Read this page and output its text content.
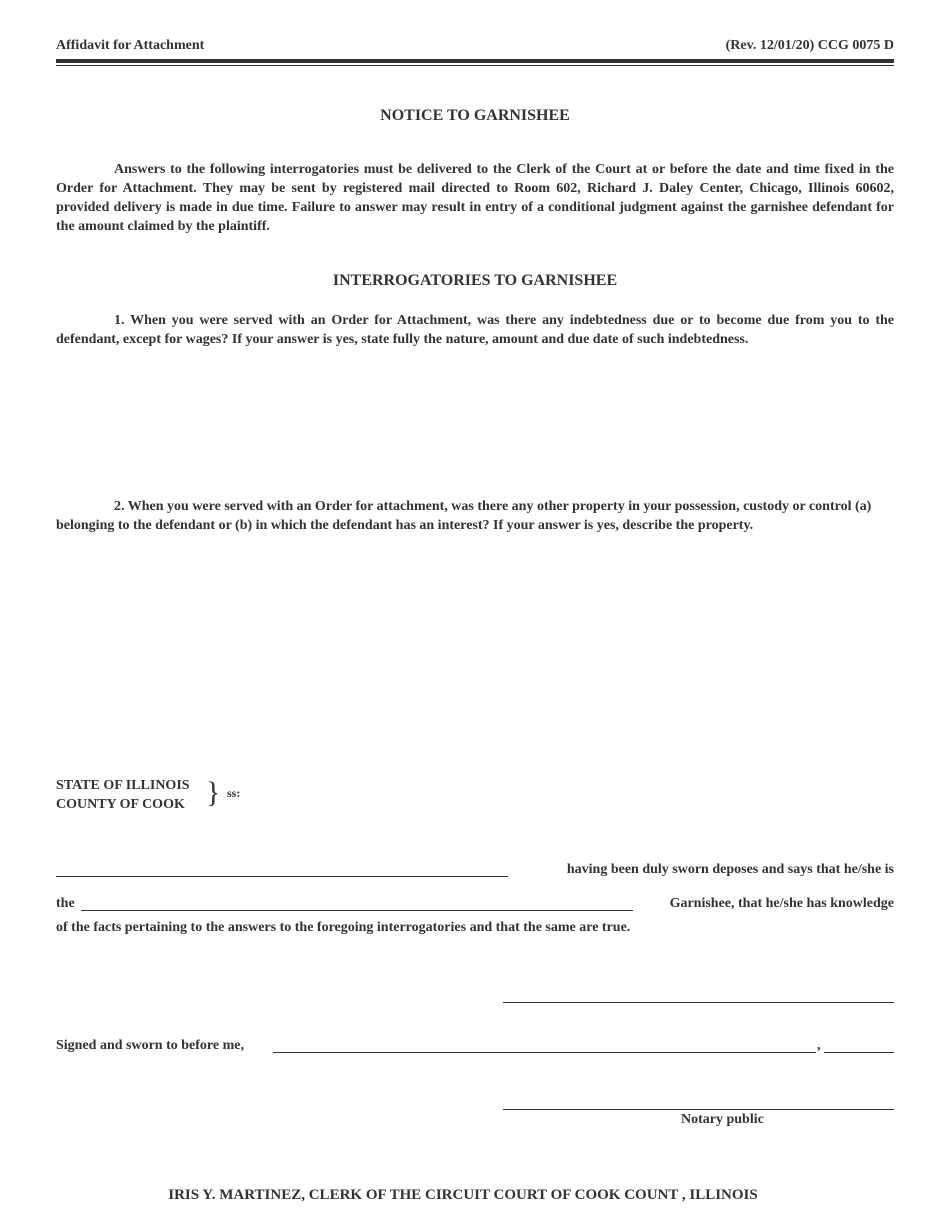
Affidavit for Attachment	(Rev. 12/01/20) CCG 0075 D
NOTICE TO GARNISHEE
Answers to the following interrogatories must be delivered to the Clerk of the Court at or before the date and time fixed in the Order for Attachment. They may be sent by registered mail directed to Room 602, Richard J. Daley Center, Chicago, Illinois 60602, provided delivery is made in due time. Failure to answer may result in entry of a conditional judgment against the garnishee defendant for the amount claimed by the plaintiff.
INTERROGATORIES TO GARNISHEE
1. When you were served with an Order for Attachment, was there any indebtedness due or to become due from you to the defendant, except for wages? If your answer is yes, state fully the nature, amount and due date of such indebtedness.
2. When you were served with an Order for attachment, was there any other property in your possession, custody or control (a) belonging to the defendant or (b) in which the defendant has an interest? If your answer is yes, describe the property.
STATE OF ILLINOIS
COUNTY OF COOK } ss:
having been duly sworn deposes and says that he/she is
the	Garnishee, that he/she has knowledge
of the facts pertaining to the answers to the foregoing interrogatories and that the same are true.
Signed and sworn to before me,	,
Notary public
IRIS Y. MARTINEZ, CLERK OF THE CIRCUIT COURT OF COOK COUNT , ILLINOIS
